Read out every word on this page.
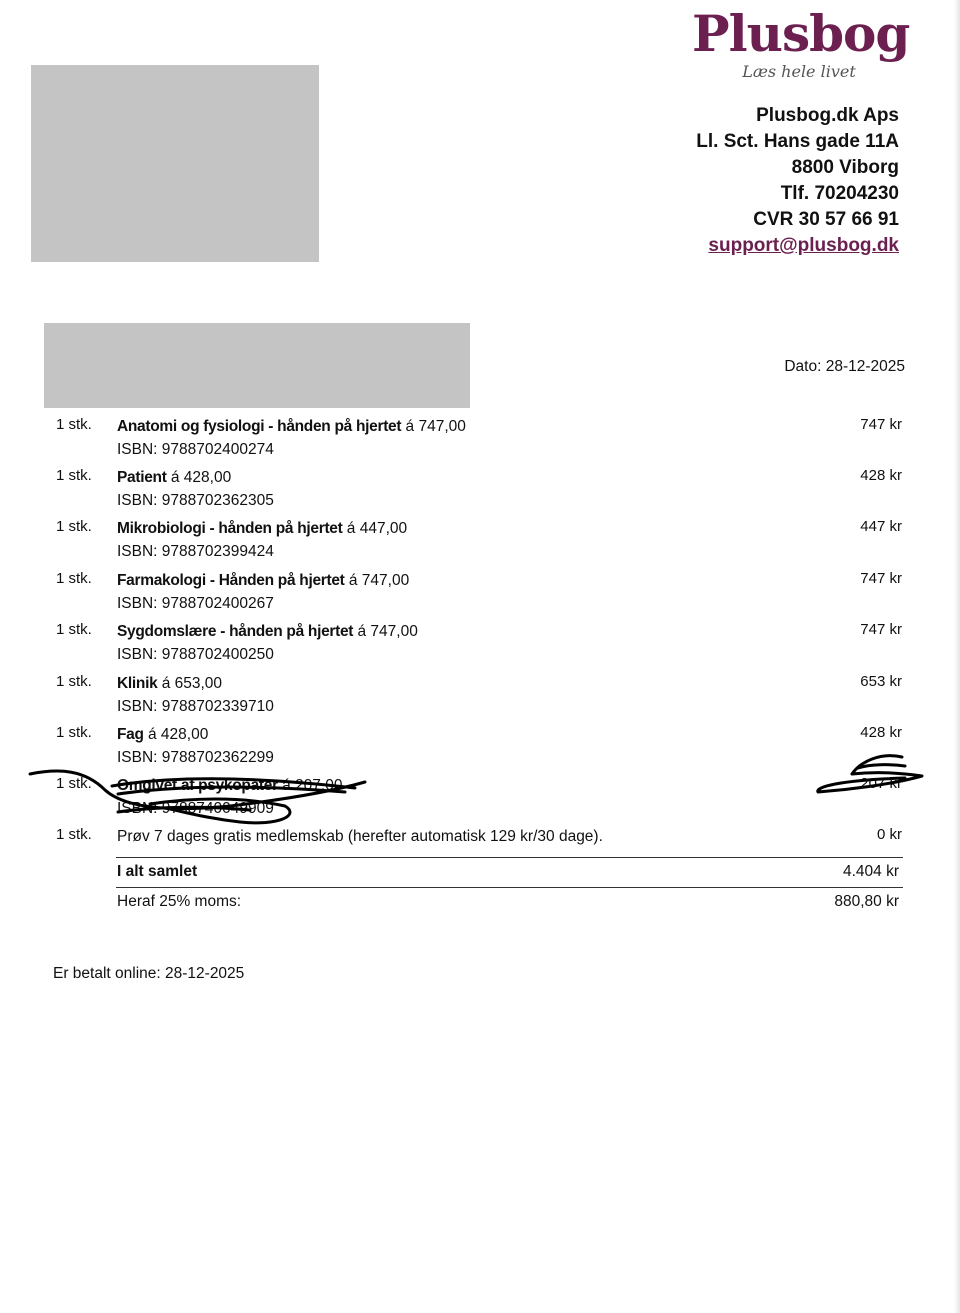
Plusbog
Læs hele livet
Plusbog.dk Aps
Ll. Sct. Hans gade 11A
8800 Viborg
Tlf. 70204230
CVR 30 57 66 91
support@plusbog.dk
Dato: 28-12-2025
1 stk. Anatomi og fysiologi - hånden på hjertet á 747,00
ISBN: 9788702400274
747 kr
1 stk. Patient á 428,00
ISBN: 9788702362305
428 kr
1 stk. Mikrobiologi - hånden på hjertet á 447,00
ISBN: 9788702399424
447 kr
1 stk. Farmakologi - Hånden på hjertet á 747,00
ISBN: 9788702400267
747 kr
1 stk. Sygdomslære - hånden på hjertet á 747,00
ISBN: 9788702400250
747 kr
1 stk. Klinik á 653,00
ISBN: 9788702339710
653 kr
1 stk. Fag á 428,00
ISBN: 9788702362299
428 kr
1 stk. Omgivet af psykopater á 207,00
ISBN: 9788740049909
207 kr
1 stk. Prøv 7 dages gratis medlemskab (herefter automatisk 129 kr/30 dage).	0 kr
I alt samlet	4.404 kr
Heraf 25% moms:	880,80 kr
Er betalt online: 28-12-2025
